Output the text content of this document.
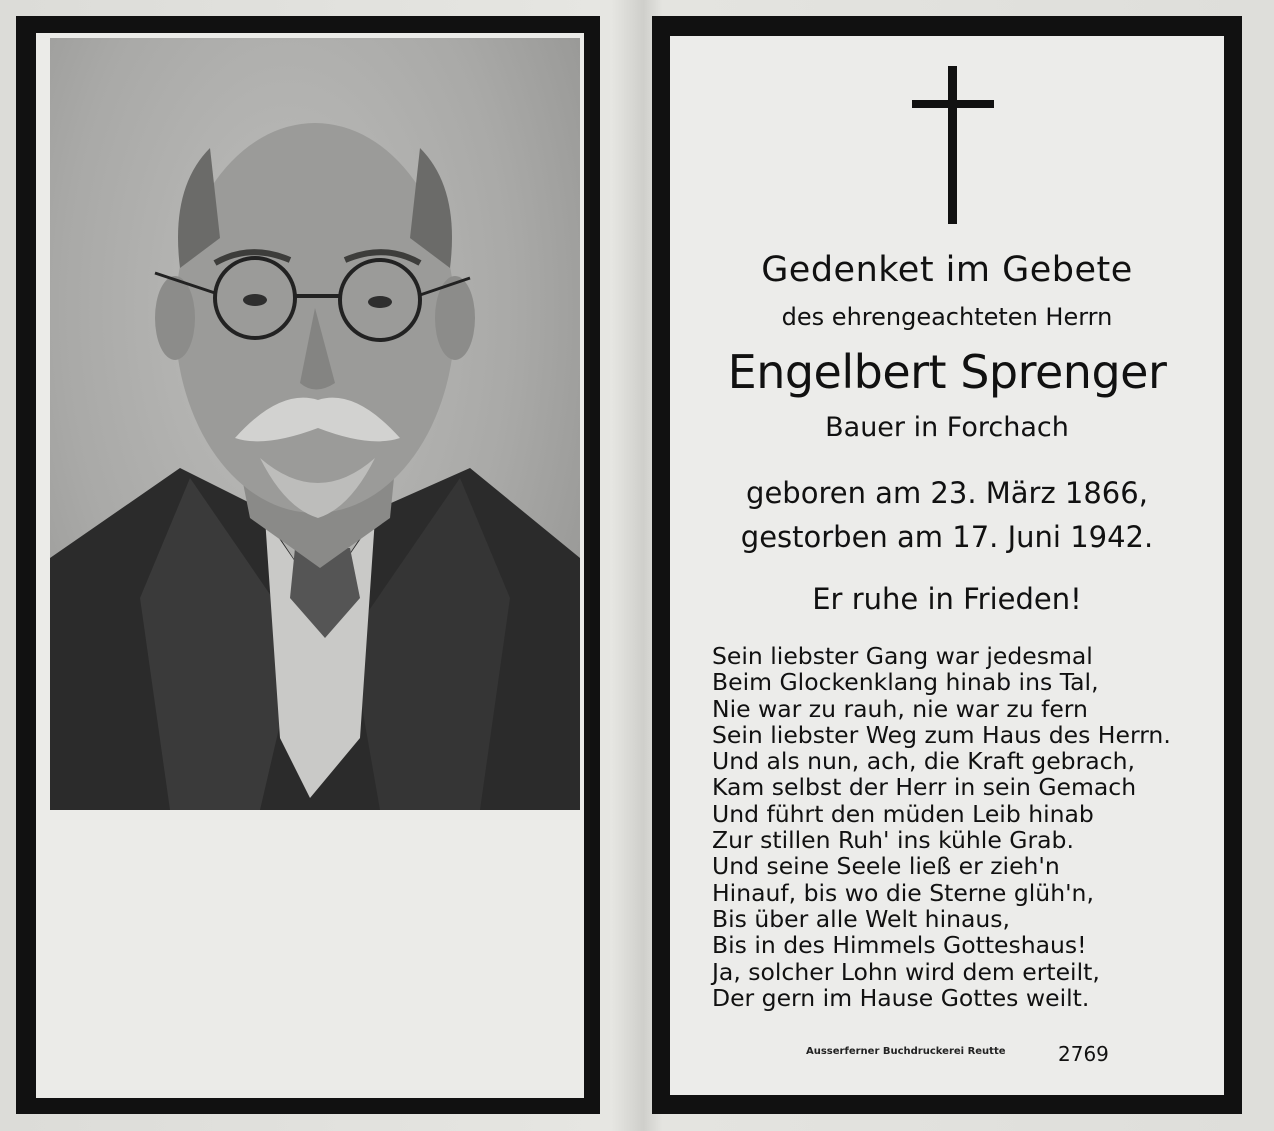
Gedenket im Gebete
des ehrengeachteten Herrn
Engelbert Sprenger
Bauer in Forchach
geboren am 23. März 1866,
gestorben am 17. Juni 1942.
Er ruhe in Frieden!
Sein liebster Gang war jedesmal
Beim Glockenklang hinab ins Tal,
Nie war zu rauh, nie war zu fern
Sein liebster Weg zum Haus des Herrn.
Und als nun, ach, die Kraft gebrach,
Kam selbst der Herr in sein Gemach
Und führt den müden Leib hinab
Zur stillen Ruh' ins kühle Grab.
Und seine Seele ließ er zieh'n
Hinauf, bis wo die Sterne glüh'n,
Bis über alle Welt hinaus,
Bis in des Himmels Gotteshaus!
Ja, solcher Lohn wird dem erteilt,
Der gern im Hause Gottes weilt.
Ausserferner Buchdruckerei Reutte	2769
